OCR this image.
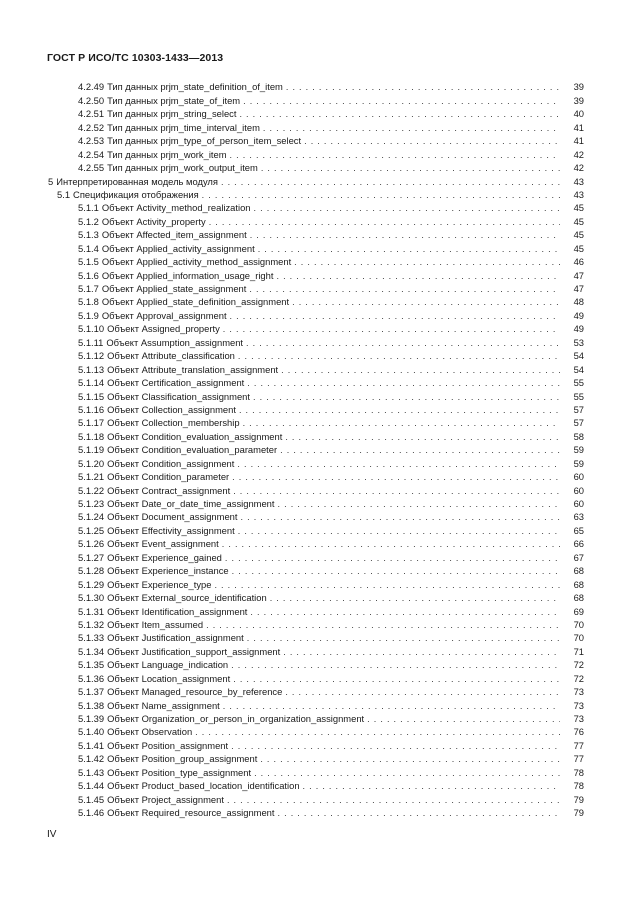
ГОСТ Р ИСО/ТС 10303-1433—2013
4.2.49 Тип данных prjm_state_definition_of_item . . .	39
4.2.50 Тип данных prjm_state_of_item . . .	39
4.2.51 Тип данных prjm_string_select . . .	40
4.2.52 Тип данных prjm_time_interval_item . . .	41
4.2.53 Тип данных prjm_type_of_person_item_select . . .	41
4.2.54 Тип данных prjm_work_item . . .	42
4.2.55 Тип данных prjm_work_output_item . . .	42
5 Интерпретированная модель модуля . . .	43
5.1 Спецификация отображения . . .	43
5.1.1 Объект Activity_method_realization . . .	45
5.1.2 Объект Activity_property . . .	45
5.1.3 Объект Affected_item_assignment . . .	45
5.1.4 Объект Applied_activity_assignment . . .	45
5.1.5 Объект Applied_activity_method_assignment . . .	46
5.1.6 Объект Applied_information_usage_right . . .	47
5.1.7 Объект Applied_state_assignment . . .	47
5.1.8 Объект Applied_state_definition_assignment . . .	48
5.1.9 Объект Approval_assignment . . .	49
5.1.10 Объект Assigned_property . . .	49
5.1.11 Объект Assumption_assignment . . .	53
5.1.12 Объект Attribute_classification . . .	54
5.1.13 Объект Attribute_translation_assignment . . .	54
5.1.14 Объект Certification_assignment . . .	55
5.1.15 Объект Classification_assignment . . .	55
5.1.16 Объект Collection_assignment . . .	57
5.1.17 Объект Collection_membership . . .	57
5.1.18 Объект Condition_evaluation_assignment . . .	58
5.1.19 Объект Condition_evaluation_parameter . . .	59
5.1.20 Объект Condition_assignment . . .	59
5.1.21 Объект Condition_parameter . . .	60
5.1.22 Объект Contract_assignment . . .	60
5.1.23 Объект Date_or_date_time_assignment . . .	60
5.1.24 Объект Document_assignment . . .	63
5.1.25 Объект Effectivity_assignment . . .	65
5.1.26 Объект Event_assignment . . .	66
5.1.27 Объект Experience_gained . . .	67
5.1.28 Объект Experience_instance . . .	68
5.1.29 Объект Experience_type . . .	68
5.1.30 Объект External_source_identification . . .	68
5.1.31 Объект Identification_assignment . . .	69
5.1.32 Объект Item_assumed . . .	70
5.1.33 Объект Justification_assignment . . .	70
5.1.34 Объект Justification_support_assignment . . .	71
5.1.35 Объект Language_indication . . .	72
5.1.36 Объект Location_assignment . . .	72
5.1.37 Объект Managed_resource_by_reference . . .	73
5.1.38 Объект Name_assignment . . .	73
5.1.39 Объект Organization_or_person_in_organization_assignment . . .	73
5.1.40 Объект Observation . . .	76
5.1.41 Объект Position_assignment . . .	77
5.1.42 Объект Position_group_assignment . . .	77
5.1.43 Объект Position_type_assignment . . .	78
5.1.44 Объект Product_based_location_identification . . .	78
5.1.45 Объект Project_assignment . . .	79
5.1.46 Объект Required_resource_assignment . . .	79
IV
